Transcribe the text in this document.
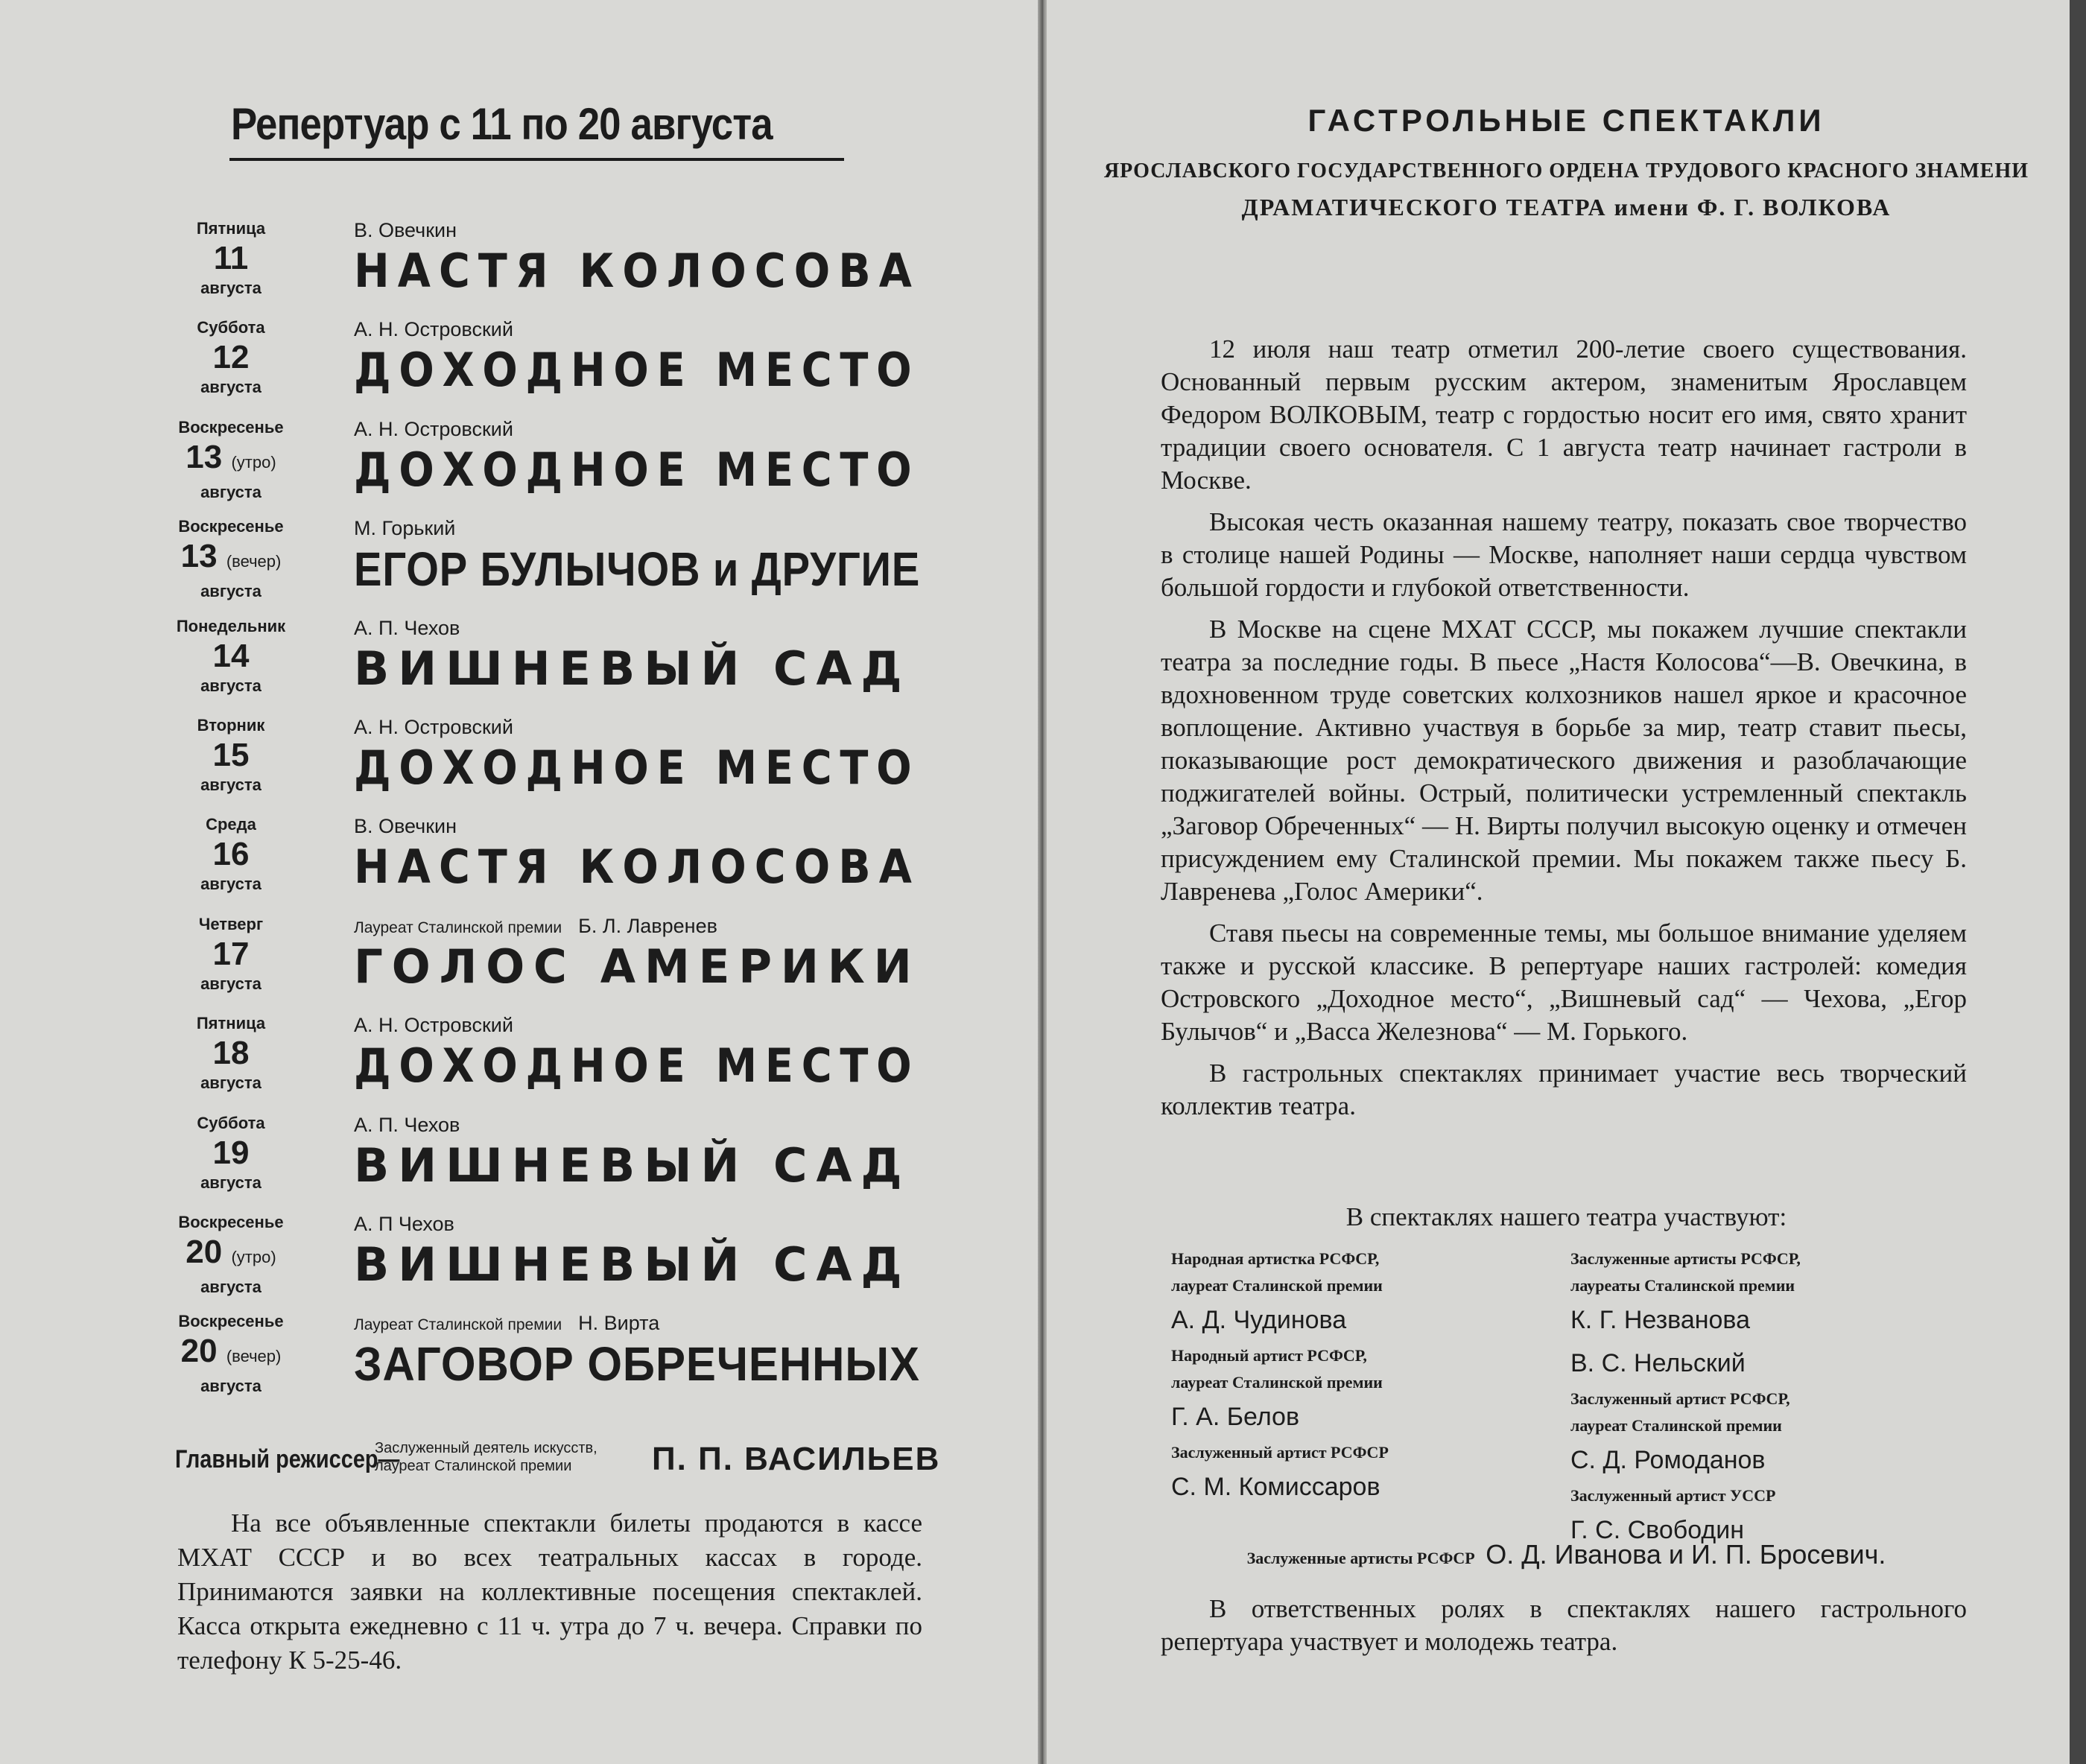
Репертуар с 11 по 20 августа
Пятница
11
августа
В. Овечкин
НАСТЯ КОЛОСОВА
Суббота
12
августа
А. Н. Островский
ДОХОДНОЕ МЕСТО
Воскресенье
13 (утро)
августа
А. Н. Островский
ДОХОДНОЕ МЕСТО
Воскресенье
13 (вечер)
августа
М. Горький
ЕГОР БУЛЫЧОВ и ДРУГИЕ
Понедельник
14
августа
А. П. Чехов
ВИШНЕВЫЙ САД
Вторник
15
августа
А. Н. Островский
ДОХОДНОЕ МЕСТО
Среда
16
августа
В. Овечкин
НАСТЯ КОЛОСОВА
Четверг
17
августа
Лауреат Сталинской премии Б. Л. Лавренев
ГОЛОС АМЕРИКИ
Пятница
18
августа
А. Н. Островский
ДОХОДНОЕ МЕСТО
Суббота
19
августа
А. П. Чехов
ВИШНЕВЫЙ САД
Воскресенье
20 (утро)
августа
А. П Чехов
ВИШНЕВЫЙ САД
Воскресенье
20 (вечер)
августа
Лауреат Сталинской премии Н. Вирта
ЗАГОВОР ОБРЕЧЕННЫХ
Главный режиссер—
Заслуженный деятель искусств,
лауреат Сталинской премии	П. П. ВАСИЛЬЕВ
На все объявленные спектакли билеты продаются в кассе МХАТ СССР и во всех театральных кассах в городе. Принимаются заявки на коллективные посещения спектаклей. Касса открыта ежедневно с 11 ч. утра до 7 ч. вечера. Справки по телефону К 5-25-46.
ГАСТРОЛЬНЫЕ СПЕКТАКЛИ
ЯРОСЛАВСКОГО ГОСУДАРСТВЕННОГО ОРДЕНА ТРУДОВОГО КРАСНОГО ЗНАМЕНИ
ДРАМАТИЧЕСКОГО ТЕАТРА имени Ф. Г. ВОЛКОВА

12 июля наш театр отметил 200-летие своего существования. Основанный первым русским актером, знаменитым Ярославцем Федором ВОЛКОВЫМ, театр с гордостью носит его имя, свято хранит традиции своего основателя. С 1 августа театр начинает гастроли в Москве.

Высокая честь оказанная нашему театру, показать свое творчество в столице нашей Родины — Москве, наполняет наши сердца чувством большой гордости и глубокой ответственности.

В Москве на сцене МХАТ СССР, мы покажем лучшие спектакли театра за последние годы. В пьесе „Настя Колосова“—В. Овечкина, в вдохновенном труде советских колхозников нашел яркое и красочное воплощение. Активно участвуя в борьбе за мир, театр ставит пьесы, показывающие рост демократического движения и разоблачающие поджигателей войны. Острый, политически устремленный спектакль „Заговор Обреченных“ — Н. Вирты получил высокую оценку и отмечен присуждением ему Сталинской премии. Мы покажем также пьесу Б. Лавренева „Голос Америки“.

Ставя пьесы на современные темы, мы большое внимание уделяем также и русской классике. В репертуаре наших гастролей: комедия Островского „Доходное место“, „Вишневый сад“ — Чехова, „Егор Булычов“ и „Васса Железнова“ — М. Горького.

В гастрольных спектаклях принимает участие весь творческий коллектив театра.

В спектаклях нашего театра участвуют:
Народная артистка РСФСР,
лауреат Сталинской премии
А. Д. Чудинова
Народный артист РСФСР,
лауреат Сталинской премии
Г. А. Белов
Заслуженный артист РСФСР
С. М. Комиссаров
Заслуженные артисты РСФСР,
лауреаты Сталинской премии
К. Г. Незванова
В. С. Нельский
Заслуженный артист РСФСР,
лауреат Сталинской премии
С. Д. Ромоданов
Заслуженный артист УССР
Г. С. Свободин
Заслуженные артисты РСФСР О. Д. Иванова и И. П. Бросевич.
В ответственных ролях в спектаклях нашего гастрольного репертуара участвует и молодежь театра.
